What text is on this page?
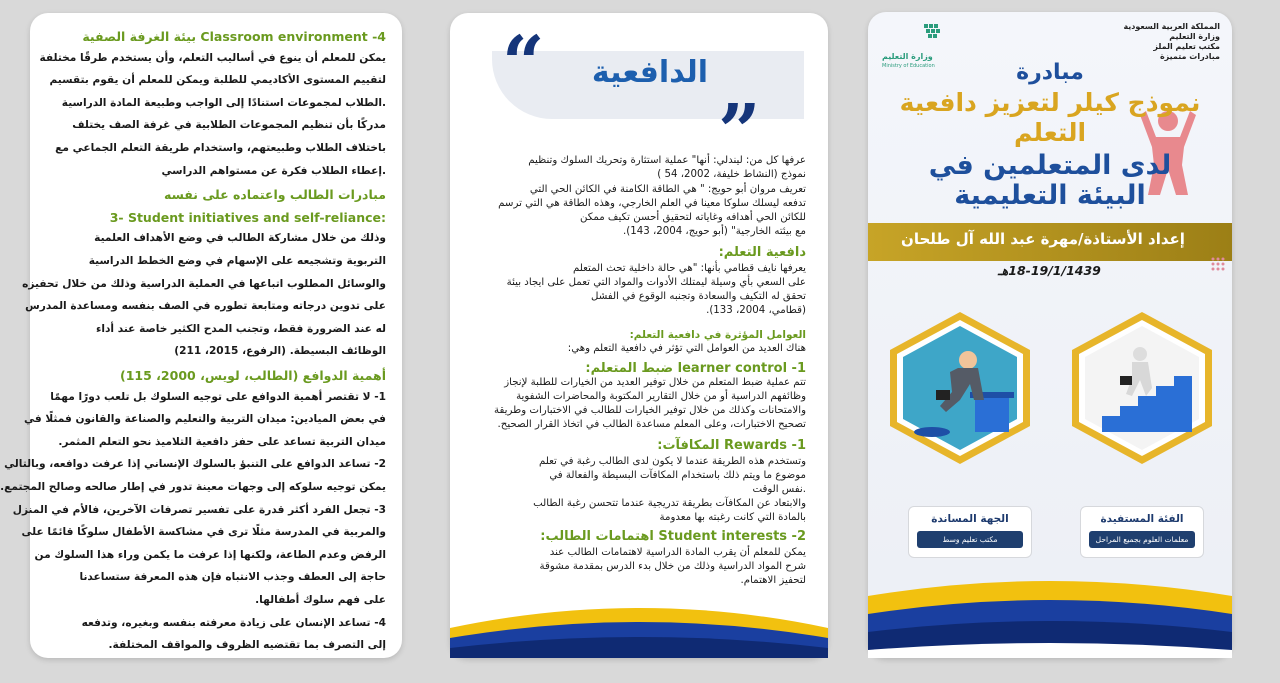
4- Classroom environment بيئة الغرفة الصفية
يمكن للمعلم أن ينوع في أساليب التعلم، وأن يستخدم طرقًا مختلفة
لتقييم المستوى الأكاديمي للطلبة ويمكن للمعلم أن يقوم بتقسيم
.الطلاب لمجموعات استنادًا إلى الواجب وطبيعة المادة الدراسية
مدركًا بأن تنظيم المجموعات الطلابية في غرفة الصف يختلف
باختلاف الطلاب وطبيعتهم، واستخدام طريقة التعلم الجماعي مع
.إعطاء الطلاب فكرة عن مستواهم الدراسي
مبادرات الطالب واعتماده على نفسه
3- Student initiatives and self-reliance:
وذلك من خلال مشاركة الطالب في وضع الأهداف العلمية
التربوية وتشجيعه على الإسهام في وضع الخطط الدراسية
والوسائل المطلوب اتباعها في العملية الدراسية وذلك من خلال تحفيزه
على تدوين درجاته ومتابعة تطوره في الصف بنفسه ومساعدة المدرس
له عند الضرورة فقط، وتجنب المدح الكثير خاصة عند أداء
الوظائف البسيطة. (الرفوع، 2015، 211)
أهمية الدوافع (الطالب، لويس، 2000، 115)
1- لا تقتصر أهمية الدوافع على توجيه السلوك بل تلعب دورًا مهمًا
في بعض الميادين: ميدان التربية والتعليم والصناعة والقانون فمثلًا في
ميدان التربية تساعد على حفز دافعية التلاميذ نحو التعلم المثمر.
2- تساعد الدوافع على التنبؤ بالسلوك الإنساني إذا عرفت دوافعه، وبالتالي
يمكن توجيه سلوكه إلى وجهات معينة تدور في إطار صالحه وصالح المجتمع.
3- تجعل الفرد أكثر قدرة على تفسير تصرفات الآخرين، فالأم في المنزل
والمربية في المدرسة مثلًا ترى في مشاكسة الأطفال سلوكًا قائمًا على
الرفض وعدم الطاعة، ولكنها إذا عرفت ما يكمن وراء هذا السلوك من
حاجة إلى العطف وجذب الانتباه فإن هذه المعرفة ستساعدنا
على فهم سلوك أطفالها.
4- تساعد الإنسان على زيادة معرفته بنفسه وبغيره، وتدفعه
إلى التصرف بما تقتضيه الظروف والمواقف المختلفة.
“
”
الدافعية
عرفها كل من: ليندلي: أنها" عملية استثارة وتحريك السلوك وتنظيم
نموذج (النشاط خليفة، 2002، 54 )
تعريف مروان أبو حويج: " هي الطاقة الكامنة في الكائن الحي التي
تدفعه ليسلك سلوكا معينا في العلم الخارجي، وهذه الطاقة هي التي ترسم
للكائن الحي أهدافه وغاياته لتحقيق أحسن تكيف ممكن
مع بيئته الخارجية" (أبو حويج، 2004، 143).
دافعية التعلم:
يعرفها نايف قطامي بأنها: "هي حالة داخلية تحث المتعلم
على السعي بأي وسيلة ليمتلك الأدوات والمواد التي تعمل على ايجاد بيئة
تحقق له التكيف والسعادة وتجنبه الوقوع في الفشل
(قطامي، 2004، 133).
العوامل المؤثرة في دافعية التعلم:
هناك العديد من العوامل التي تؤثر في دافعية التعلم وهي:
1- learner control ضبط المتعلم:
تتم عملية ضبط المتعلم من خلال توفير العديد من الخيارات للطلبة لإنجاز
وظائفهم الدراسية أو من خلال التقارير المكتوبة والمحاضرات الشفوية
والامتحانات وكذلك من خلال توفير الخيارات للطالب في الاختبارات وطريقة
تصحيح الاختبارات، وعلى المعلم مساعدة الطالب في اتخاذ القرار الصحيح.
1- Rewards المكافآت:
وتستخدم هذه الطريقة عندما لا يكون لدى الطالب رغبة في تعلم
موضوع ما ويتم ذلك باستخدام المكافآت البسيطة والفعالة في
.نفس الوقت
والابتعاد عن المكافآت بطريقة تدريجية عندما تتحسن رغبة الطالب
بالمادة التي كانت رغبته بها معدومة
2- Student interests اهتمامات الطالب:
يمكن للمعلم أن يقرب المادة الدراسية لاهتمامات الطالب عند
شرح المواد الدراسية وذلك من خلال بدء الدرس بمقدمة مشوقة
لتحفيز الاهتمام.
وزارة التعليم
Ministry of Education
المملكة العربية السعودية
وزارة التعليم
مكتب تعليم الملز
مبادرات متميزة
مبادرة
نموذج كيلر لتعزيز دافعية
التعلم
لدى المتعلمين في
البيئة التعليمية
إعداد الأستاذة/مهرة عبد الله آل طلحان
18-19/1/1439هـ
الفئة المستفيدة
معلمات العلوم بجميع المراحل
الجهة المساندة
مكتب تعليم وسط
